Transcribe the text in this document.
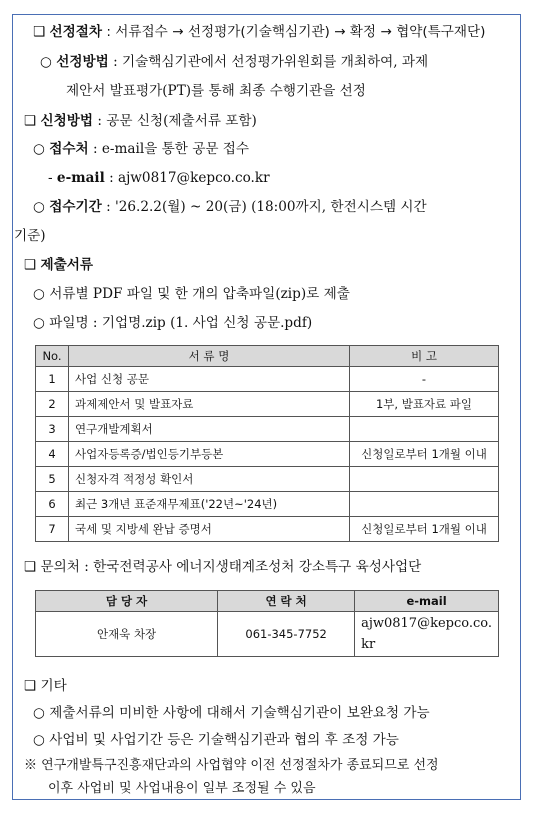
❑ 선정절차 : 서류접수 → 선정평가(기술핵심기관) → 확정 → 협약(특구재단)
○ 선정방법 : 기술핵심기관에서 선정평가위원회를 개최하여, 과제
제안서 발표평가(PT)를 통해 최종 수행기관을 선정
❑ 신청방법 : 공문 신청(제출서류 포함)
○ 접수처 : e-mail을 통한 공문 접수
- e-mail : ajw0817@kepco.co.kr
○ 접수기간 : '26.2.2(월) ~ 20(금) (18:00까지, 한전시스템 시간
기준)
❑ 제출서류
○ 서류별 PDF 파일 및 한 개의 압축파일(zip)로 제출
○ 파일명 : 기업명.zip (1. 사업 신청 공문.pdf)
No.	서 류 명	비 고
1	사업 신청 공문	-
2	과제제안서 및 발표자료	1부, 발표자료 파일
3	연구개발계획서	
4	사업자등록증/법인등기부등본	신청일로부터 1개월 이내
5	신청자격 적정성 확인서	
6	최근 3개년 표준재무제표('22년~'24년)	
7	국세 및 지방세 완납 증명서	신청일로부터 1개월 이내
❑ 문의처 : 한국전력공사 에너지생태계조성처 강소특구 육성사업단
담 당 자	연 락 처	e-mail
안재욱 차장	061-345-7752	ajw0817@kepco.co.
kr
❑ 기타
○ 제출서류의 미비한 사항에 대해서 기술핵심기관이 보완요청 가능
○ 사업비 및 사업기간 등은 기술핵심기관과 협의 후 조정 가능
※ 연구개발특구진흥재단과의 사업협약 이전 선정절차가 종료되므로 선정
이후 사업비 및 사업내용이 일부 조정될 수 있음
